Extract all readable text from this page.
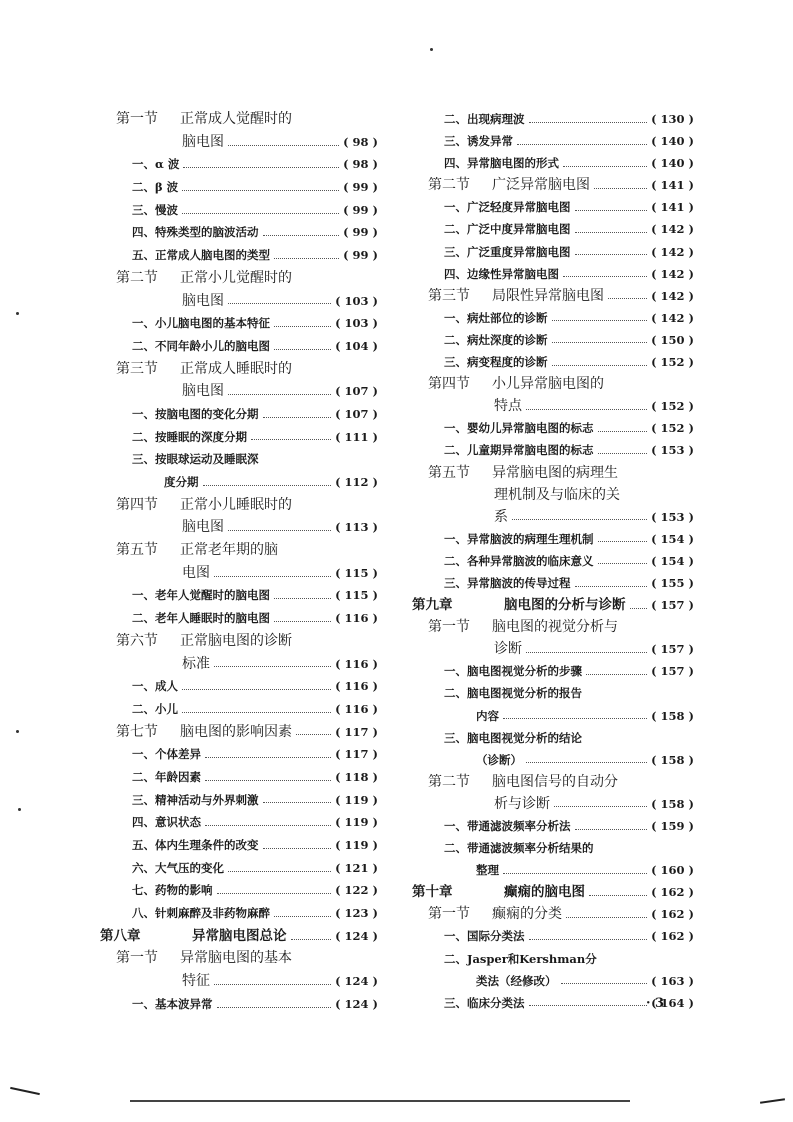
第一节 正常成人觉醒时的
脑电图	( 98 )
一、α 波	( 98 )
二、β 波	( 99 )
三、慢波	( 99 )
四、特殊类型的脑波活动	( 99 )
五、正常成人脑电图的类型	( 99 )
第二节 正常小儿觉醒时的
脑电图	( 103 )
一、小儿脑电图的基本特征	( 103 )
二、不同年龄小儿的脑电图	( 104 )
第三节 正常成人睡眠时的
脑电图	( 107 )
一、按脑电图的变化分期	( 107 )
二、按睡眠的深度分期	( 111 )
三、按眼球运动及睡眠深
度分期	( 112 )
第四节 正常小儿睡眠时的
脑电图	( 113 )
第五节 正常老年期的脑
电图	( 115 )
一、老年人觉醒时的脑电图	( 115 )
二、老年人睡眠时的脑电图	( 116 )
第六节 正常脑电图的诊断
标准	( 116 )
一、成人	( 116 )
二、小儿	( 116 )
第七节 脑电图的影响因素	( 117 )
一、个体差异	( 117 )
二、年龄因素	( 118 )
三、精神活动与外界刺激	( 119 )
四、意识状态	( 119 )
五、体内生理条件的改变	( 119 )
六、大气压的变化	( 121 )
七、药物的影响	( 122 )
八、针刺麻醉及非药物麻醉	( 123 )
第八章	异常脑电图总论	( 124 )
第一节 异常脑电图的基本
特征	( 124 )
一、基本波异常	( 124 )
二、出现病理波	( 130 )
三、诱发异常	( 140 )
四、异常脑电图的形式	( 140 )
第二节 广泛异常脑电图	( 141 )
一、广泛轻度异常脑电图	( 141 )
二、广泛中度异常脑电图	( 142 )
三、广泛重度异常脑电图	( 142 )
四、边缘性异常脑电图	( 142 )
第三节 局限性异常脑电图	( 142 )
一、病灶部位的诊断	( 142 )
二、病灶深度的诊断	( 150 )
三、病变程度的诊断	( 152 )
第四节 小儿异常脑电图的
特点	( 152 )
一、婴幼儿异常脑电图的标志	( 152 )
二、儿童期异常脑电图的标志	( 153 )
第五节 异常脑电图的病理生
理机制及与临床的关
系	( 153 )
一、异常脑波的病理生理机制	( 154 )
二、各种异常脑波的临床意义	( 154 )
三、异常脑波的传导过程	( 155 )
第九章	脑电图的分析与诊断	( 157 )
第一节 脑电图的视觉分析与
诊断	( 157 )
一、脑电图视觉分析的步骤	( 157 )
二、脑电图视觉分析的报告
内容	( 158 )
三、脑电图视觉分析的结论
（诊断）	( 158 )
第二节 脑电图信号的自动分
析与诊断	( 158 )
一、带通滤波频率分析法	( 159 )
二、带通滤波频率分析结果的
整理	( 160 )
第十章	癫痫的脑电图	( 162 )
第一节 癫痫的分类	( 162 )
一、国际分类法	( 162 )
二、Jasper和Kershman分
类法（经修改）	( 163 )
三、临床分类法	( 164 )
· 3
